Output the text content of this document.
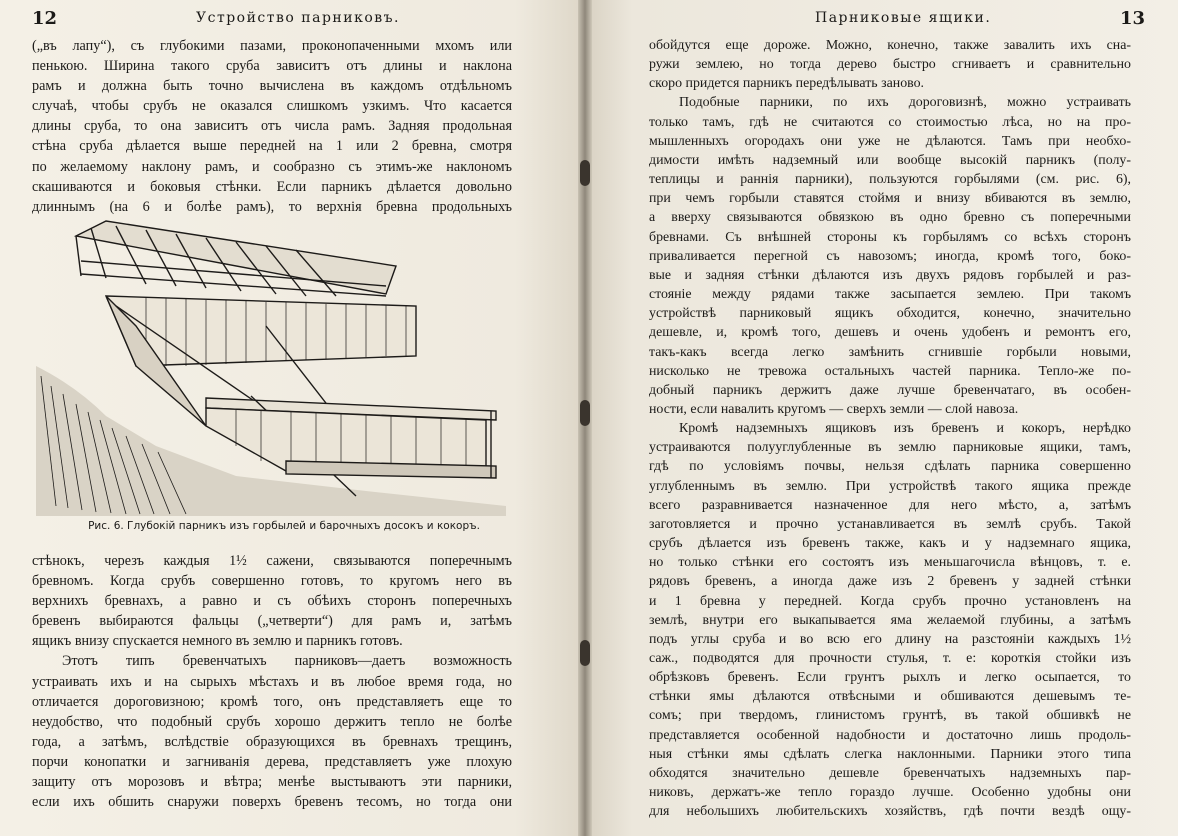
12	Устройство парниковъ.
(„въ лапу“), съ глубокими пазами, проконопаченными мхомъ или
пенькою. Ширина такого сруба зависитъ отъ длины и наклона
рамъ и должна быть точно вычислена въ каждомъ отдѣльномъ
случаѣ, чтобы срубъ не оказался слишкомъ узкимъ. Что касается
длины сруба, то она зависитъ отъ числа рамъ. Задняя продольная
стѣна сруба дѣлается выше передней на 1 или 2 бревна, смотря
по желаемому наклону рамъ, и сообразно съ этимъ-же наклономъ
скашиваются и боковыя стѣнки. Если парникъ дѣлается довольно
длиннымъ (на 6 и болѣе рамъ), то верхнія бревна продольныхъ
Рис. 6. Глубокій парникъ изъ горбылей и барочныхъ досокъ и кокоръ.
стѣнокъ, черезъ каждыя 1½ сажени, связываются поперечнымъ
бревномъ. Когда срубъ совершенно готовъ, то кругомъ него въ
верхнихъ бревнахъ, а равно и съ обѣихъ сторонъ поперечныхъ
бревенъ выбираются фальцы („четверти“) для рамъ и, затѣмъ
ящикъ внизу спускается немного въ землю и парникъ готовъ.
Этотъ типъ бревенчатыхъ парниковъ—даетъ возможность
устраивать ихъ и на сырыхъ мѣстахъ и въ любое время года, но
отличается дороговизною; кромѣ того, онъ представляетъ еще то
неудобство, что подобный срубъ хорошо держитъ тепло не болѣе
года, а затѣмъ, вслѣдствіе образующихся въ бревнахъ трещинъ,
порчи конопатки и загниванія дерева, представляетъ уже плохую
защиту отъ морозовъ и вѣтра; менѣе выстываютъ эти парники,
если ихъ обшить снаружи поверхъ бревенъ тесомъ, но тогда они
Парниковые ящики.	13
обойдутся еще дороже. Можно, конечно, также завалить ихъ сна-
ружи землею, но тогда дерево быстро сгниваетъ и сравнительно
скоро придется парникъ передѣлывать заново.
Подобные парники, по ихъ дороговизнѣ, можно устраивать
только тамъ, гдѣ не считаются со стоимостью лѣса, но на про-
мышленныхъ огородахъ они уже не дѣлаются. Тамъ при необхо-
димости имѣть надземный или вообще высокій парникъ (полу-
теплицы и раннія парники), пользуются горбылями (см. рис. 6),
при чемъ горбыли ставятся стоймя и внизу вбиваются въ землю,
а вверху связываются обвязкою въ одно бревно съ поперечными
бревнами. Съ внѣшней стороны къ горбылямъ со всѣхъ сторонъ
приваливается перегной съ навозомъ; иногда, кромѣ того, боко-
вые и задняя стѣнки дѣлаются изъ двухъ рядовъ горбылей и раз-
стояніе между рядами также засыпается землею. При такомъ
устройствѣ парниковый ящикъ обходится, конечно, значительно
дешевле, и, кромѣ того, дешевъ и очень удобенъ и ремонтъ его,
такъ-какъ всегда легко замѣнить сгнившіе горбыли новыми,
нисколько не тревожа остальныхъ частей парника. Тепло-же по-
добный парникъ держитъ даже лучше бревенчатаго, въ особен-
ности, если навалить кругомъ — сверхъ земли — слой навоза.
Кромѣ надземныхъ ящиковъ изъ бревенъ и кокоръ, нерѣдко
устраиваются полууглубленные въ землю парниковые ящики, тамъ,
гдѣ по условіямъ почвы, нельзя сдѣлать парника совершенно
углубленнымъ въ землю. При устройствѣ такого ящика прежде
всего разравнивается назначенное для него мѣсто, а, затѣмъ
заготовляется и прочно устанавливается въ землѣ срубъ. Такой
срубъ дѣлается изъ бревенъ также, какъ и у надземнаго ящика,
но только стѣнки его состоятъ изъ меньшагочисла вѣнцовъ, т. е.
рядовъ бревенъ, а иногда даже изъ 2 бревенъ у задней стѣнки
и 1 бревна у передней. Когда срубъ прочно установленъ на
землѣ, внутри его выкапывается яма желаемой глубины, а затѣмъ
подъ углы сруба и во всю его длину на разстояніи каждыхъ 1½
саж., подводятся для прочности стулья, т. е: короткія стойки изъ
обрѣзковъ бревенъ. Если грунтъ рыхлъ и легко осыпается, то
стѣнки ямы дѣлаются отвѣсными и обшиваются дешевымъ те-
сомъ; при твердомъ, глинистомъ грунтѣ, въ такой обшивкѣ не
представляется особенной надобности и достаточно лишь продоль-
ныя стѣнки ямы сдѣлать слегка наклонными. Парники этого типа
обходятся значительно дешевле бревенчатыхъ надземныхъ пар-
никовъ, держатъ-же тепло гораздо лучше. Особенно удобны они
для небольшихъ любительскихъ хозяйствъ, гдѣ почти вездѣ ощу-
